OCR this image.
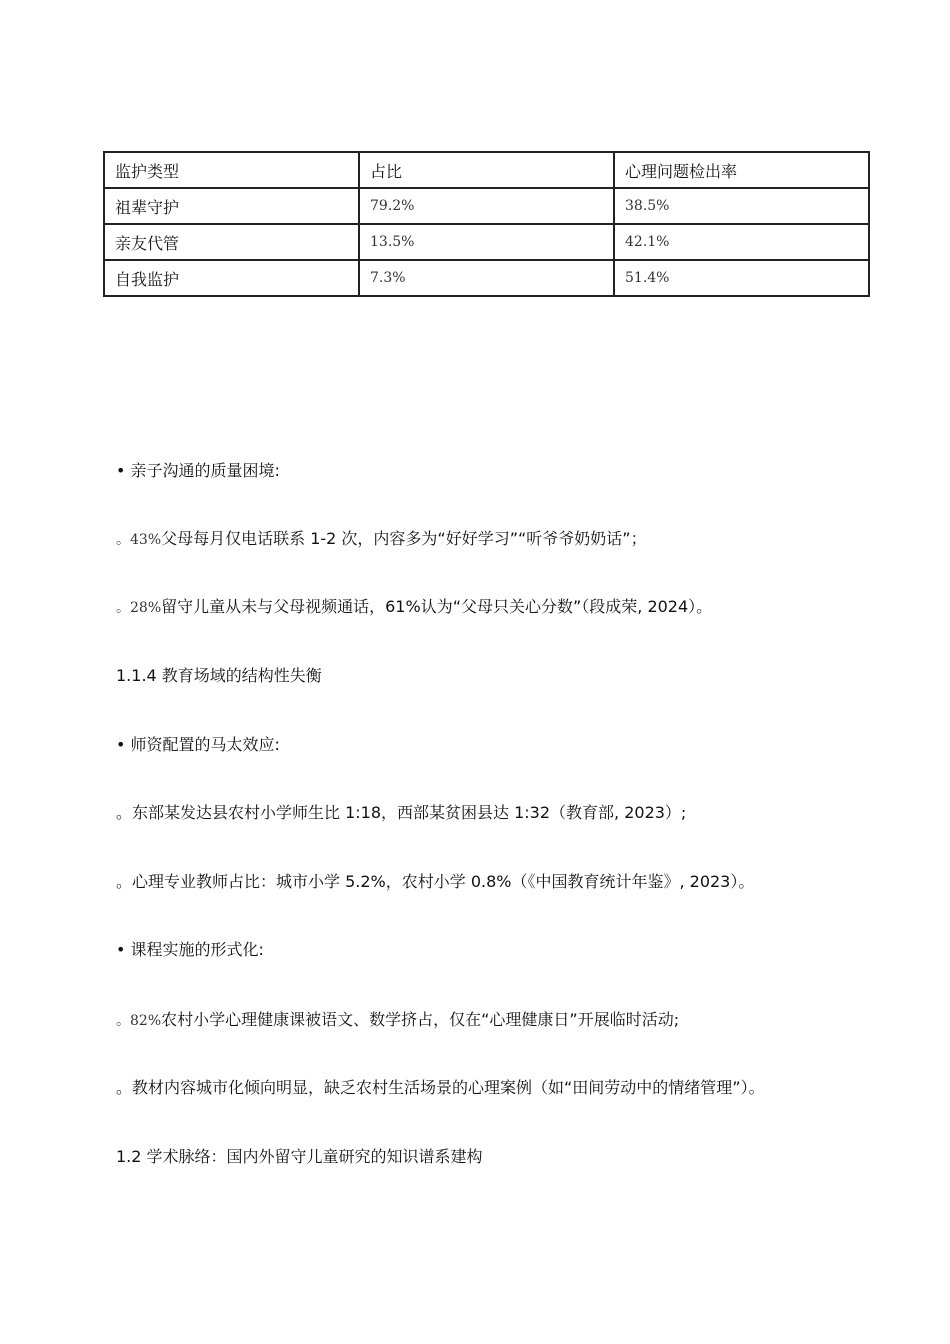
监护类型	占比	心理问题检出率
祖辈守护	79.2%	38.5%
亲友代管	13.5%	42.1%
自我监护	7.3%	51.4%
• 亲子沟通的质量困境:
。43%父母每月仅电话联系 1-2 次，内容多为“好好学习”“听爷爷奶奶话”；
。28%留守儿童从未与父母视频通话，61%认为“父母只关心分数”（段成荣, 2024）。
1.1.4 教育场域的结构性失衡
• 师资配置的马太效应:
。东部某发达县农村小学师生比 1:18，西部某贫困县达 1:32（教育部, 2023）;
。心理专业教师占比：城市小学 5.2%，农村小学 0.8%（《中国教育统计年鉴》, 2023）。
• 课程实施的形式化:
。82%农村小学心理健康课被语文、数学挤占，仅在“心理健康日”开展临时活动;
。教材内容城市化倾向明显，缺乏农村生活场景的心理案例（如“田间劳动中的情绪管理”）。
1.2 学术脉络：国内外留守儿童研究的知识谱系建构
